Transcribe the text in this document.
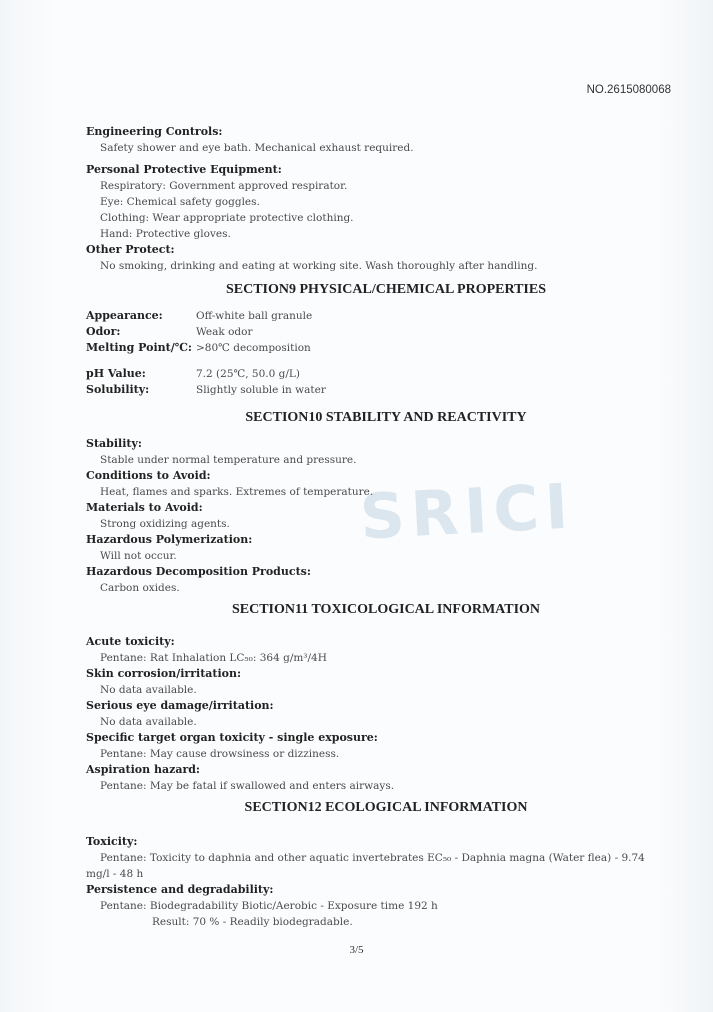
SRICI
NO.2615080068
Engineering Controls:
Safety shower and eye bath. Mechanical exhaust required.
Personal Protective Equipment:
Respiratory: Government approved respirator.
Eye: Chemical safety goggles.
Clothing: Wear appropriate protective clothing.
Hand: Protective gloves.
Other Protect:
No smoking, drinking and eating at working site. Wash thoroughly after handling.
SECTION9 PHYSICAL/CHEMICAL PROPERTIES
Appearance:	Off-white ball granule
Odor:	Weak odor
Melting Point/℃: >80℃ decomposition
pH Value:	7.2 (25℃, 50.0 g/L)
Solubility:	Slightly soluble in water
SECTION10 STABILITY AND REACTIVITY
Stability:
Stable under normal temperature and pressure.
Conditions to Avoid:
Heat, flames and sparks. Extremes of temperature.
Materials to Avoid:
Strong oxidizing agents.
Hazardous Polymerization:
Will not occur.
Hazardous Decomposition Products:
Carbon oxides.
SECTION11 TOXICOLOGICAL INFORMATION
Acute toxicity:
Pentane: Rat Inhalation LC₅₀: 364 g/m³/4H
Skin corrosion/irritation:
No data available.
Serious eye damage/irritation:
No data available.
Specific target organ toxicity - single exposure:
Pentane: May cause drowsiness or dizziness.
Aspiration hazard:
Pentane: May be fatal if swallowed and enters airways.
SECTION12 ECOLOGICAL INFORMATION
Toxicity:
Pentane: Toxicity to daphnia and other aquatic invertebrates EC₅₀ - Daphnia magna (Water flea) - 9.74
mg/l - 48 h
Persistence and degradability:
Pentane: Biodegradability Biotic/Aerobic - Exposure time 192 h
Result: 70 % - Readily biodegradable.
3/5
